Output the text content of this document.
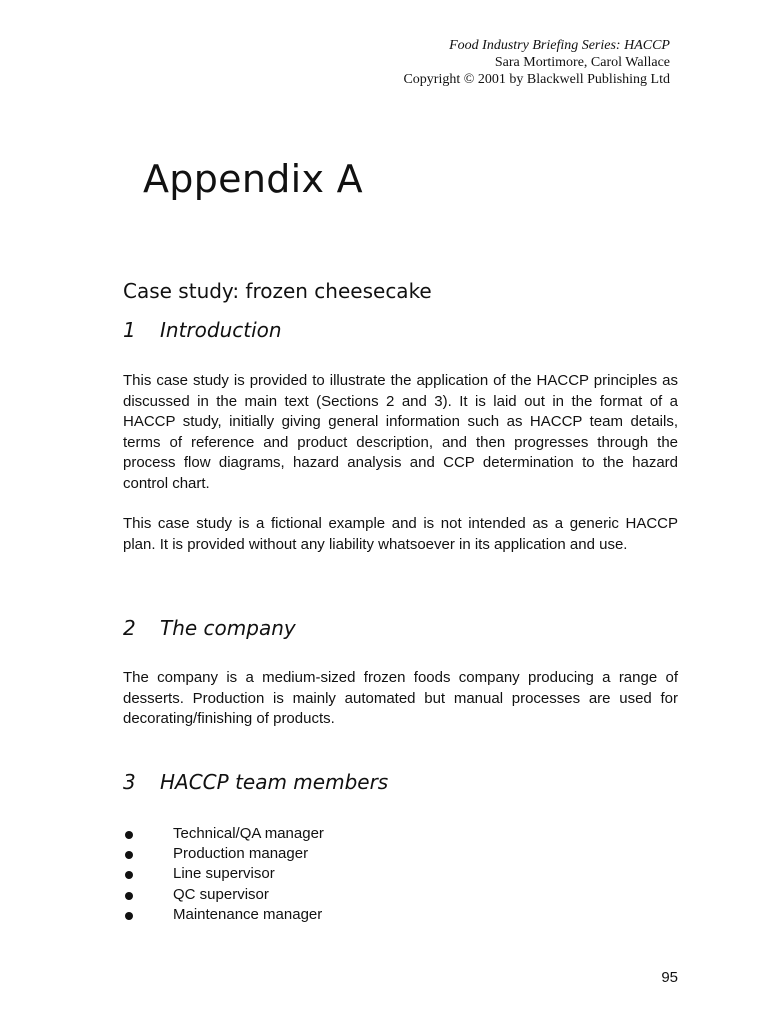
Food Industry Briefing Series: HACCP
Sara Mortimore, Carol Wallace
Copyright © 2001 by Blackwell Publishing Ltd
Appendix A
Case study: frozen cheesecake
1 Introduction

This case study is provided to illustrate the application of the HACCP principles as discussed in the main text (Sections 2 and 3). It is laid out in the format of a HACCP study, initially giving general information such as HACCP team details, terms of reference and product description, and then progresses through the process flow diagrams, hazard analysis and CCP determination to the hazard control chart.

This case study is a fictional example and is not intended as a generic HACCP plan. It is provided without any liability whatsoever in its application and use.

2 The company

The company is a medium-sized frozen foods company producing a range of desserts. Production is mainly automated but manual processes are used for decorating/finishing of products.

3 HACCP team members
Technical/QA manager
Production manager
Line supervisor
QC supervisor
Maintenance manager
95
